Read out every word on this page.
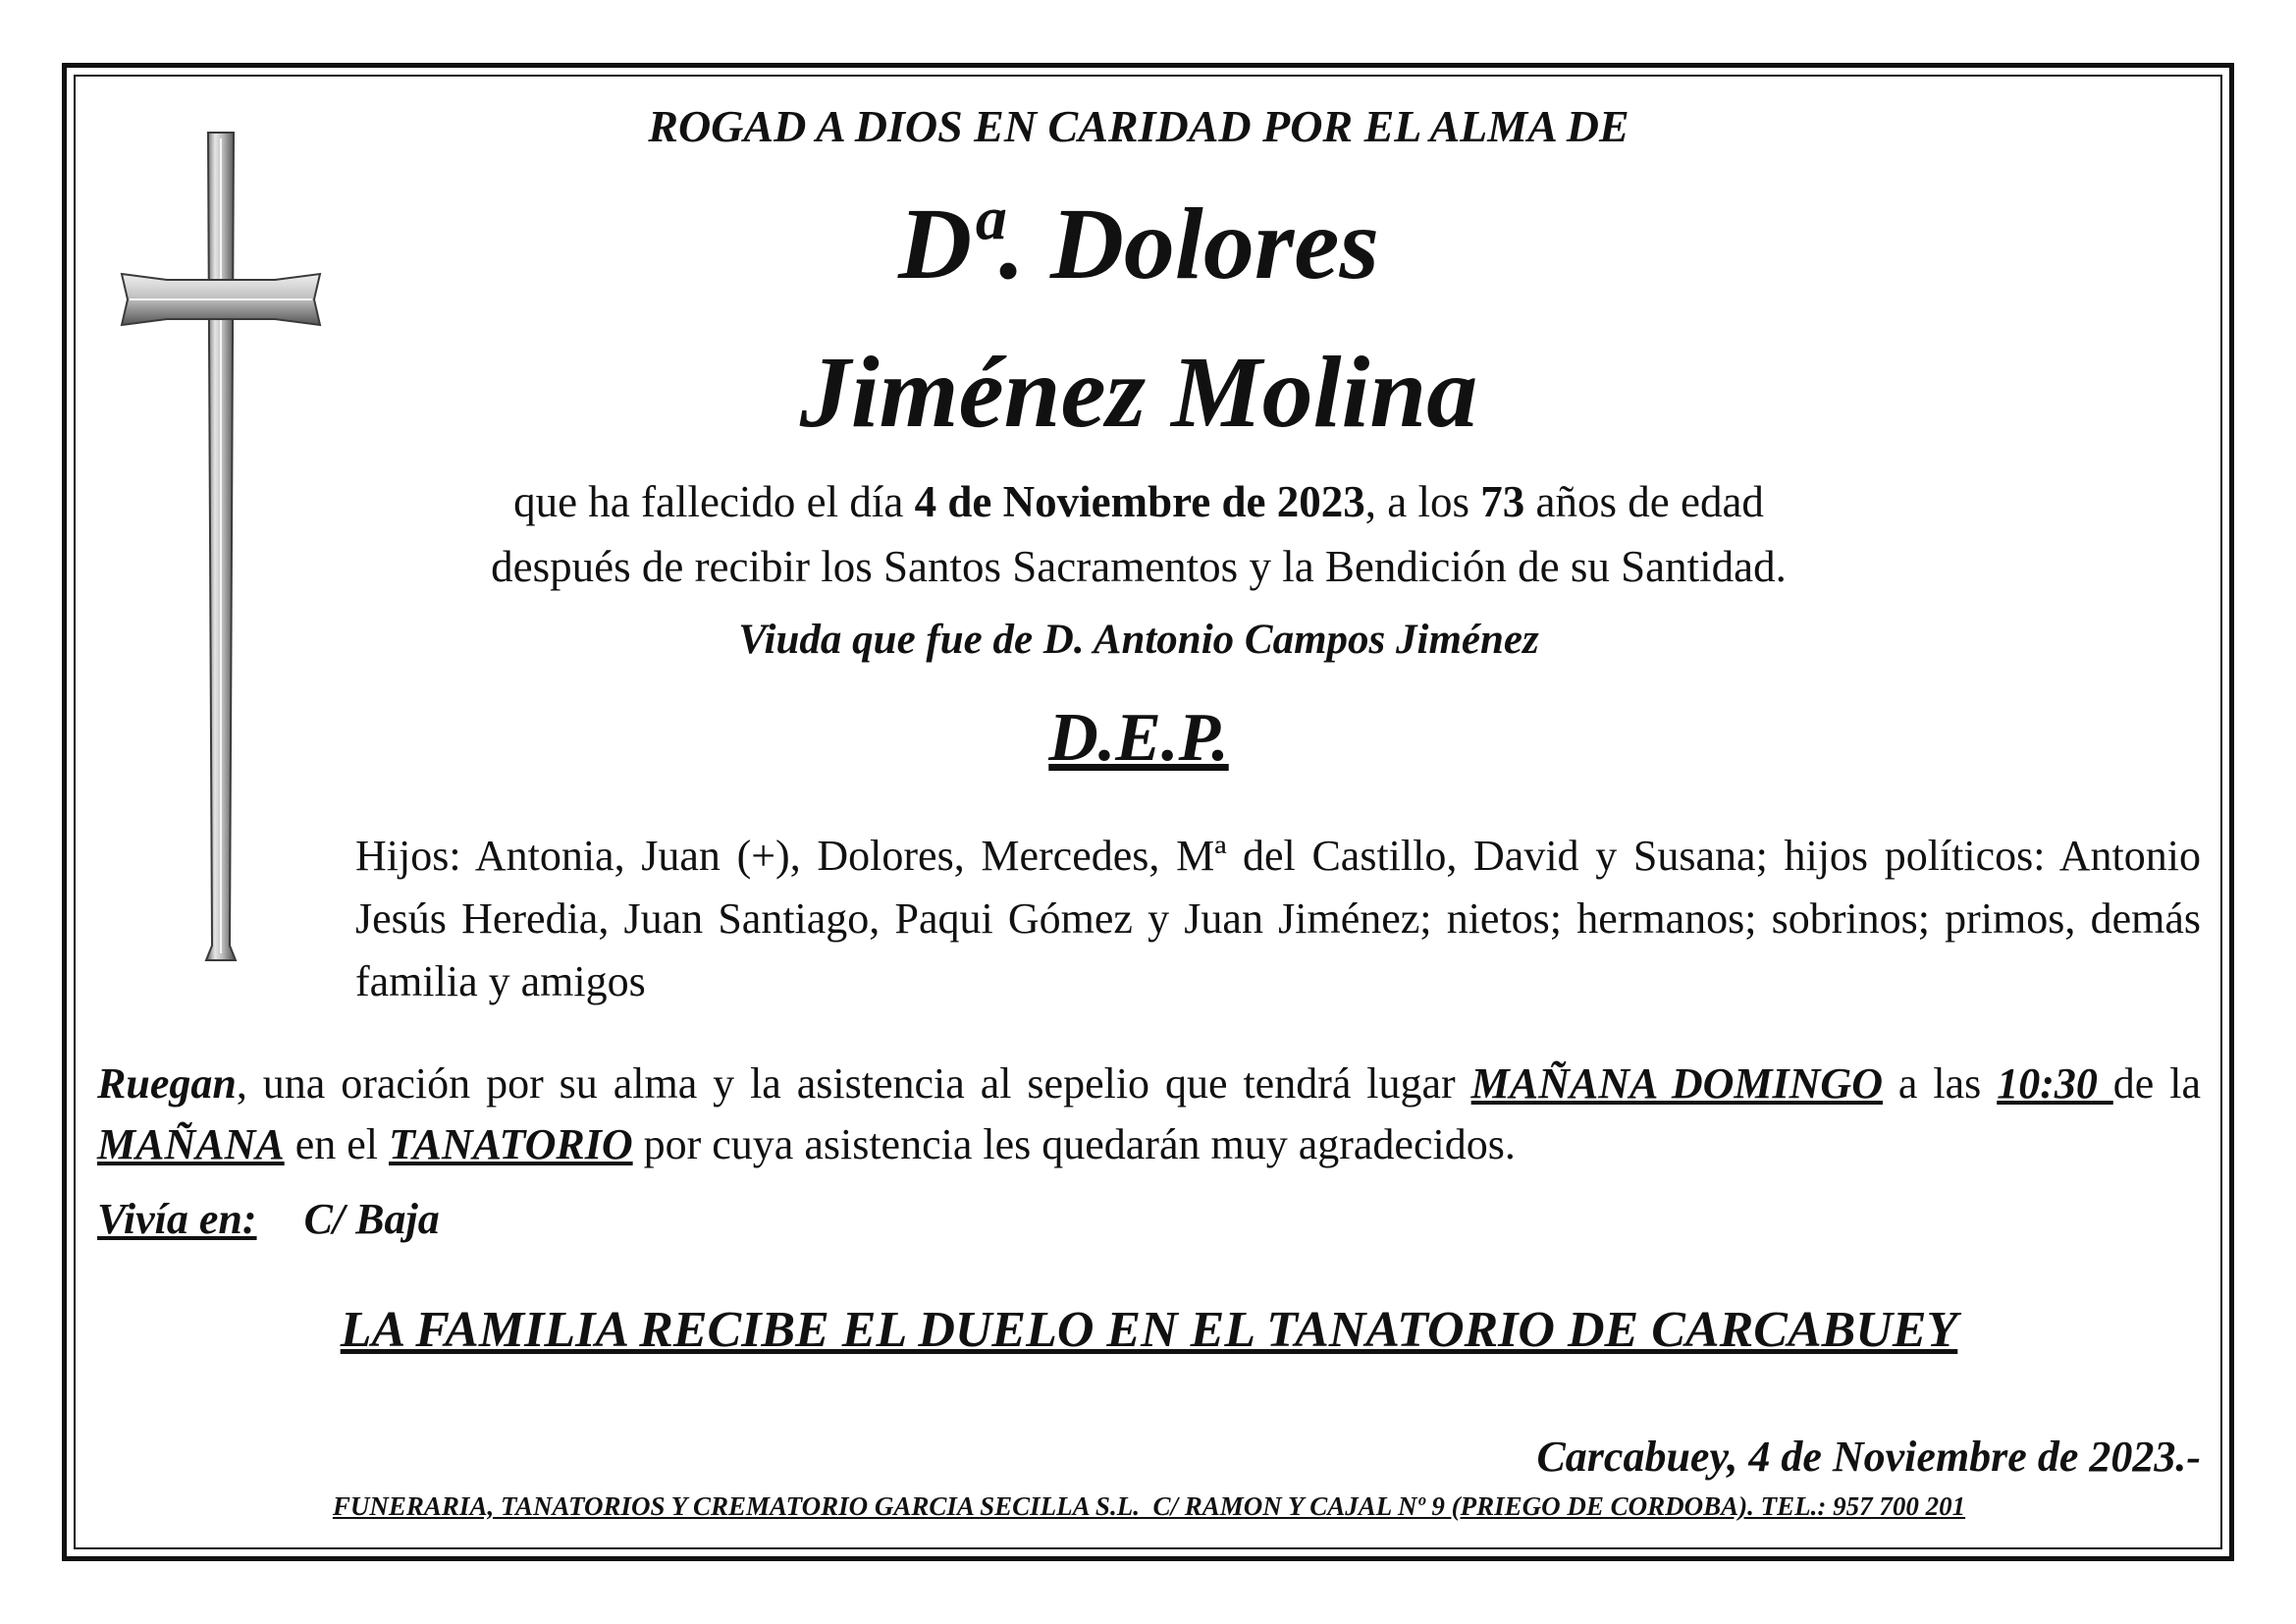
ROGAD A DIOS EN CARIDAD POR EL ALMA DE
Dª. Dolores
Jiménez Molina
que ha fallecido el día 4 de Noviembre de 2023, a los 73 años de edad
después de recibir los Santos Sacramentos y la Bendición de su Santidad.
Viuda que fue de D. Antonio Campos Jiménez
D.E.P.
Hijos: Antonia, Juan (+), Dolores, Mercedes, Mª del Castillo, David y Susana; hijos políticos: Antonio Jesús Heredia, Juan Santiago, Paqui Gómez y Juan Jiménez; nietos; hermanos; sobrinos; primos, demás familia y amigos
Ruegan, una oración por su alma y la asistencia al sepelio que tendrá lugar MAÑANA DOMINGO a las 10:30 de la MAÑANA en el TANATORIO por cuya asistencia les quedarán muy agradecidos.
Vivía en: C/ Baja
LA FAMILIA RECIBE EL DUELO EN EL TANATORIO DE CARCABUEY
Carcabuey, 4 de Noviembre de 2023.-
FUNERARIA, TANATORIOS Y CREMATORIO GARCIA SECILLA S.L.  C/ RAMON Y CAJAL Nº 9 (PRIEGO DE CORDOBA). TEL.: 957 700 201
